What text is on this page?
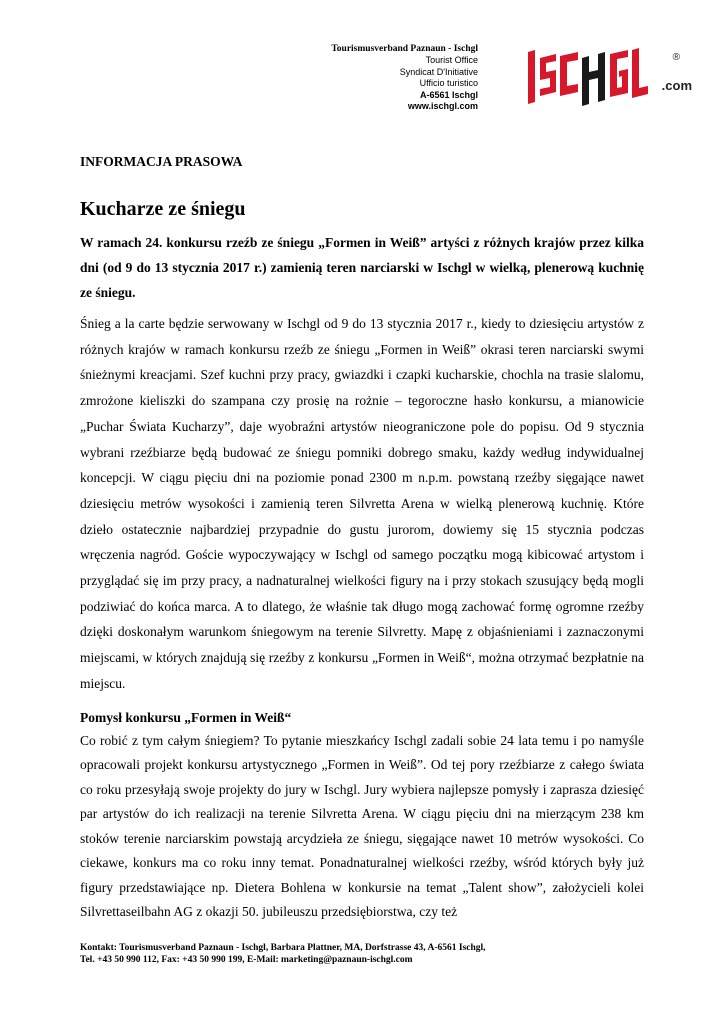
Tourismusverband Paznaun - Ischgl
Tourist Office
Syndicat D'Initiative
Ufficio turistico
A-6561 Ischgl
www.ischgl.com
®
.com
INFORMACJA PRASOWA
Kucharze ze śniegu

W ramach 24. konkursu rzeźb ze śniegu „Formen in Weiß” artyści z różnych krajów przez kilka dni (od 9 do 13 stycznia 2017 r.) zamienią teren narciarski w Ischgl w wielką, plenerową kuchnię ze śniegu.

Śnieg a la carte będzie serwowany w Ischgl od 9 do 13 stycznia 2017 r., kiedy to dziesięciu artystów z różnych krajów w ramach konkursu rzeźb ze śniegu „Formen in Weiß” okrasi teren narciarski swymi śnieżnymi kreacjami. Szef kuchni przy pracy, gwiazdki i czapki kucharskie, chochla na trasie slalomu, zmrożone kieliszki do szampana czy prosię na rożnie – tegoroczne hasło konkursu, a mianowicie „Puchar Świata Kucharzy”, daje wyobraźni artystów nieograniczone pole do popisu. Od 9 stycznia wybrani rzeźbiarze będą budować ze śniegu pomniki dobrego smaku, każdy według indywidualnej koncepcji. W ciągu pięciu dni na poziomie ponad 2300 m n.p.m. powstaną rzeźby sięgające nawet dziesięciu metrów wysokości i zamienią teren Silvretta Arena w wielką plenerową kuchnię. Które dzieło ostatecznie najbardziej przypadnie do gustu jurorom, dowiemy się 15 stycznia podczas wręczenia nagród. Goście wypoczywający w Ischgl od samego początku mogą kibicować artystom i przyglądać się im przy pracy, a nadnaturalnej wielkości figury na i przy stokach szusujący będą mogli podziwiać do końca marca. A to dlatego, że właśnie tak długo mogą zachować formę ogromne rzeźby dzięki doskonałym warunkom śniegowym na terenie Silvretty. Mapę z objaśnieniami i zaznaczonymi miejscami, w których znajdują się rzeźby z konkursu „Formen in Weiß“, można otrzymać bezpłatnie na miejscu.

Pomysł konkursu „Formen in Weiß“

Co robić z tym całym śniegiem? To pytanie mieszkańcy Ischgl zadali sobie 24 lata temu i po namyśle opracowali projekt konkursu artystycznego „Formen in Weiß”. Od tej pory rzeźbiarze z całego świata co roku przesyłają swoje projekty do jury w Ischgl. Jury wybiera najlepsze pomysły i zaprasza dziesięć par artystów do ich realizacji na terenie Silvretta Arena. W ciągu pięciu dni na mierzącym 238 km stoków terenie narciarskim powstają arcydzieła ze śniegu, sięgające nawet 10 metrów wysokości. Co ciekawe, konkurs ma co roku inny temat. Ponadnaturalnej wielkości rzeźby, wśród których były już figury przedstawiające np. Dietera Bohlena w konkursie na temat „Talent show”, założycieli kolei Silvrettaseilbahn AG z okazji 50. jubileuszu przedsiębiorstwa, czy też

Kontakt: Tourismusverband Paznaun - Ischgl, Barbara Plattner, MA, Dorfstrasse 43, A-6561 Ischgl,
Tel. +43 50 990 112, Fax: +43 50 990 199, E-Mail: marketing@paznaun-ischgl.com
